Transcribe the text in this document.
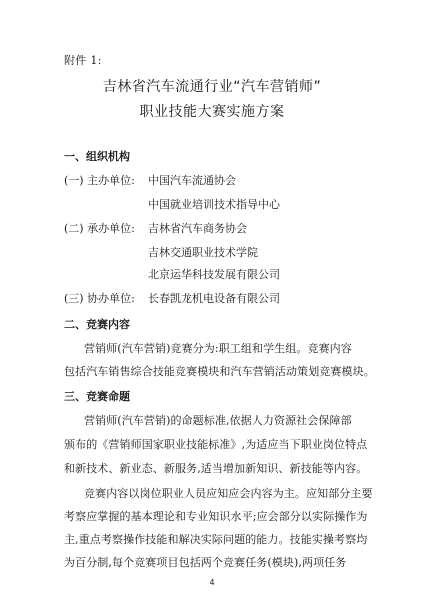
附件 1:
吉林省汽车流通行业“汽车营销师”
职业技能大赛实施方案
一、组织机构
(一) 主办单位: 中国汽车流通协会
中国就业培训技术指导中心
(二) 承办单位: 吉林省汽车商务协会
吉林交通职业技术学院
北京运华科技发展有限公司
(三) 协办单位: 长春凯龙机电设备有限公司
二、竞赛内容
营销师(汽车营销)竞赛分为:职工组和学生组。竞赛内容
包括汽车销售综合技能竞赛模块和汽车营销活动策划竞赛模块。
三、竞赛命题
营销师(汽车营销)的命题标准,依据人力资源社会保障部
颁布的《营销师国家职业技能标准》,为适应当下职业岗位特点
和新技术、新业态、新服务,适当增加新知识、新技能等内容。
竞赛内容以岗位职业人员应知应会内容为主。应知部分主要
考察应掌握的基本理论和专业知识水平;应会部分以实际操作为
主,重点考察操作技能和解决实际问题的能力。技能实操考察均
为百分制,每个竞赛项目包括两个竞赛任务(模块),两项任务
4
